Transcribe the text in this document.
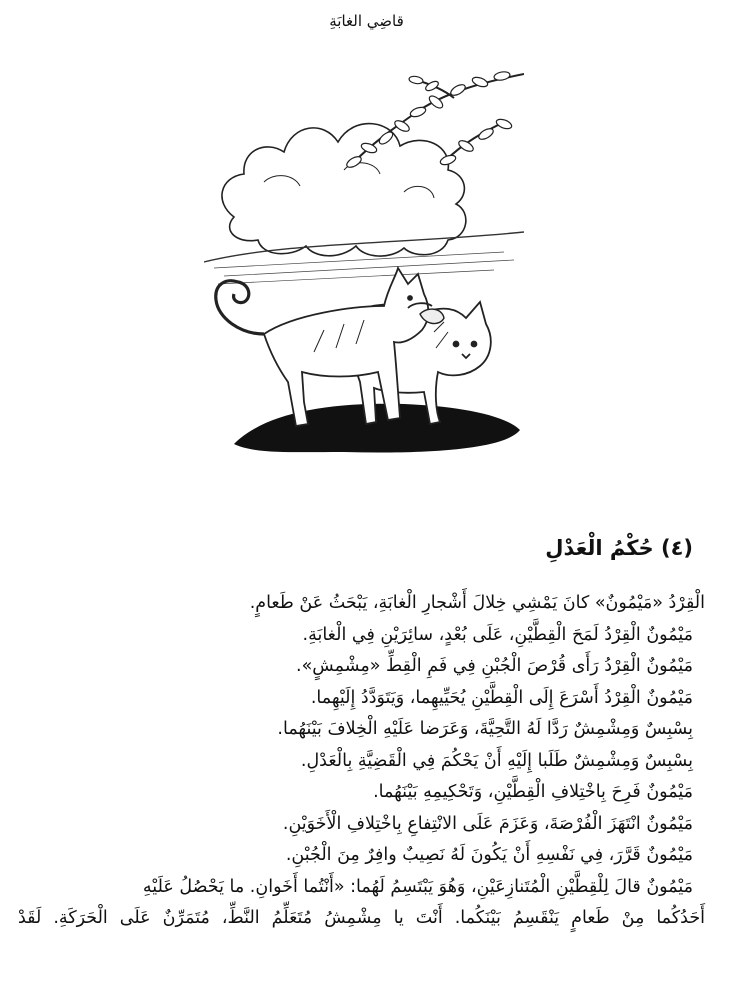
قاضِي الغابَةِ
(٤) حُكْمُ الْعَدْلِ
الْقِرْدُ «مَيْمُونٌ» كانَ يَمْشِي خِلالَ أَشْجارِ الْغابَةِ، يَبْحَثُ عَنْ طَعامٍ.
مَيْمُونٌ الْقِرْدُ لَمَحَ الْقِطَّيْنِ، عَلَى بُعْدٍ، سائِرَيْنِ فِي الْغابَةِ.
مَيْمُونٌ الْقِرْدُ رَأَى قُرْصَ الْجُبْنِ فِي فَمِ الْقِطِّ «مِشْمِشٍ».
مَيْمُونٌ الْقِرْدُ أَسْرَعَ إِلَى الْقِطَّيْنِ يُحَيِّيهِما، وَيَتَوَدَّدُ إِلَيْهِما.
بِسْبِسٌ وَمِشْمِشٌ رَدَّا لَهُ التَّحِيَّةَ، وَعَرَضا عَلَيْهِ الْخِلافَ بَيْنَهُما.
بِسْبِسٌ وَمِشْمِشٌ طَلَبا إِلَيْهِ أَنْ يَحْكُمَ فِي الْقَضِيَّةِ بِالْعَدْلِ.
مَيْمُونٌ فَرِحَ بِاخْتِلافِ الْقِطَّيْنِ، وَتَحْكِيمِهِ بَيْنَهُما.
مَيْمُونٌ انْتَهَزَ الْفُرْصَةَ، وَعَزَمَ عَلَى الانْتِفاعِ بِاخْتِلافِ الْأَخَوَيْنِ.
مَيْمُونٌ قَرَّرَ، فِي نَفْسِهِ أَنْ يَكُونَ لَهُ نَصِيبٌ وافِرٌ مِنَ الْجُبْنِ.
مَيْمُونٌ قالَ لِلْقِطَّيْنِ الْمُتَنازِعَيْنِ، وَهُوَ يَبْتَسِمُ لَهُما: «أَنْتُما أَخَوانِ. ما يَحْصُلُ عَلَيْهِ
أَحَدُكُما مِنْ طَعامٍ يَنْقَسِمُ بَيْنَكُما. أَنْتَ يا مِشْمِشُ مُتَعَلِّمُ النَّطِّ، مُتَمَرِّنٌ عَلَى الْحَرَكَةِ. لَقَدْ
